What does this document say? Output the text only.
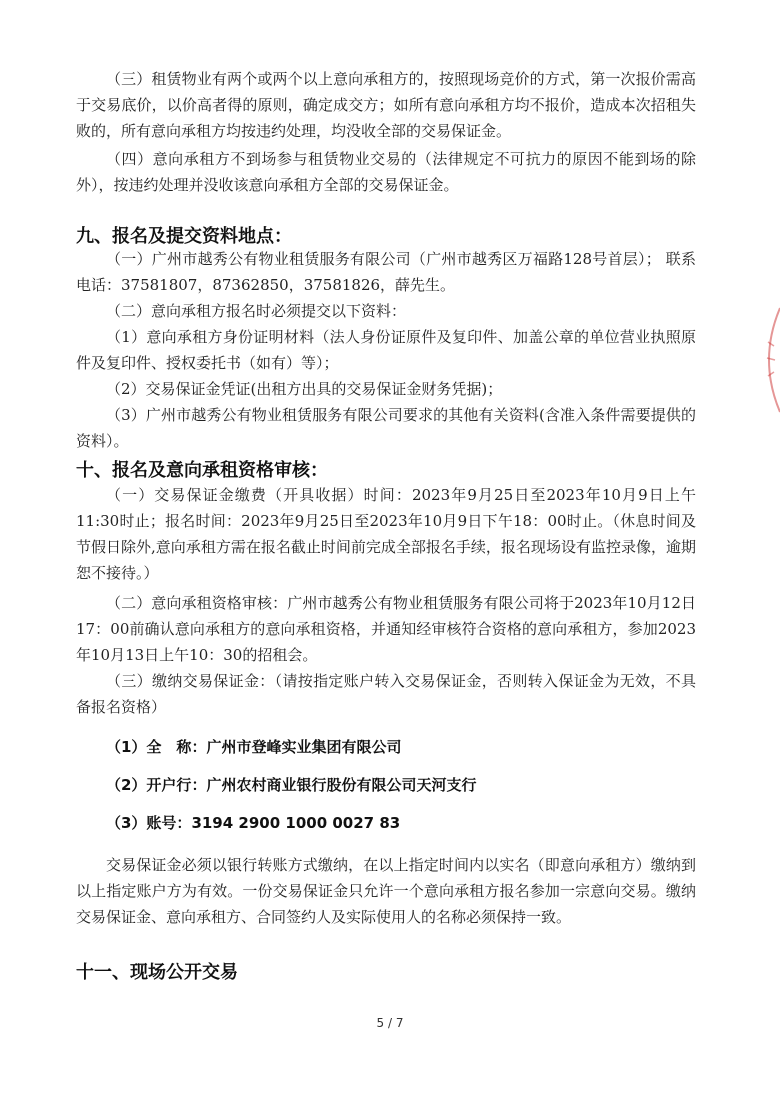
（三）租赁物业有两个或两个以上意向承租方的，按照现场竞价的方式，第一次报价需高于交易底价，以价高者得的原则，确定成交方；如所有意向承租方均不报价，造成本次招租失败的，所有意向承租方均按违约处理，均没收全部的交易保证金。

（四）意向承租方不到场参与租赁物业交易的（法律规定不可抗力的原因不能到场的除外），按违约处理并没收该意向承租方全部的交易保证金。

九、报名及提交资料地点：

（一）广州市越秀公有物业租赁服务有限公司（广州市越秀区万福路128号首层）； 联系电话：37581807，87362850，37581826，薛先生。

（二）意向承租方报名时必须提交以下资料：

（1）意向承租方身份证明材料（法人身份证原件及复印件、加盖公章的单位营业执照原件及复印件、授权委托书（如有）等）；

（2）交易保证金凭证(出租方出具的交易保证金财务凭据)；

（3）广州市越秀公有物业租赁服务有限公司要求的其他有关资料(含准入条件需要提供的资料）。

十、报名及意向承租资格审核：

（一）交易保证金缴费（开具收据）时间：2023年9月25日至2023年10月9日上午11:30时止；报名时间：2023年9月25日至2023年10月9日下午18：00时止。（休息时间及节假日除外,意向承租方需在报名截止时间前完成全部报名手续，报名现场设有监控录像，逾期恕不接待。）

（二）意向承租资格审核：广州市越秀公有物业租赁服务有限公司将于2023年10月12日17：00前确认意向承租方的意向承租资格，并通知经审核符合资格的意向承租方，参加2023年10月13日上午10：30的招租会。

（三）缴纳交易保证金：（请按指定账户转入交易保证金，否则转入保证金为无效，不具备报名资格）

（1）全　称：广州市登峰实业集团有限公司

（2）开户行：广州农村商业银行股份有限公司天河支行

（3）账号：3194 2900 1000 0027 83

交易保证金必须以银行转账方式缴纳，在以上指定时间内以实名（即意向承租方）缴纳到以上指定账户方为有效。一份交易保证金只允许一个意向承租方报名参加一宗意向交易。缴纳交易保证金、意向承租方、合同签约人及实际使用人的名称必须保持一致。

十一、现场公开交易
5 / 7
